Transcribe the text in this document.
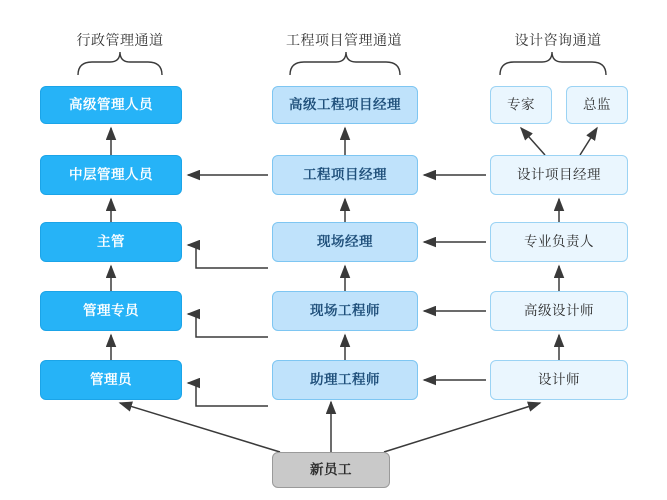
行政管理通道	工程项目管理通道	设计咨询通道
高级管理人员
中层管理人员
主管
管理专员
管理员
高级工程项目经理
工程项目经理
现场经理
现场工程师
助理工程师
专家	总监
设计项目经理
专业负责人
高级设计师
设计师
新员工
